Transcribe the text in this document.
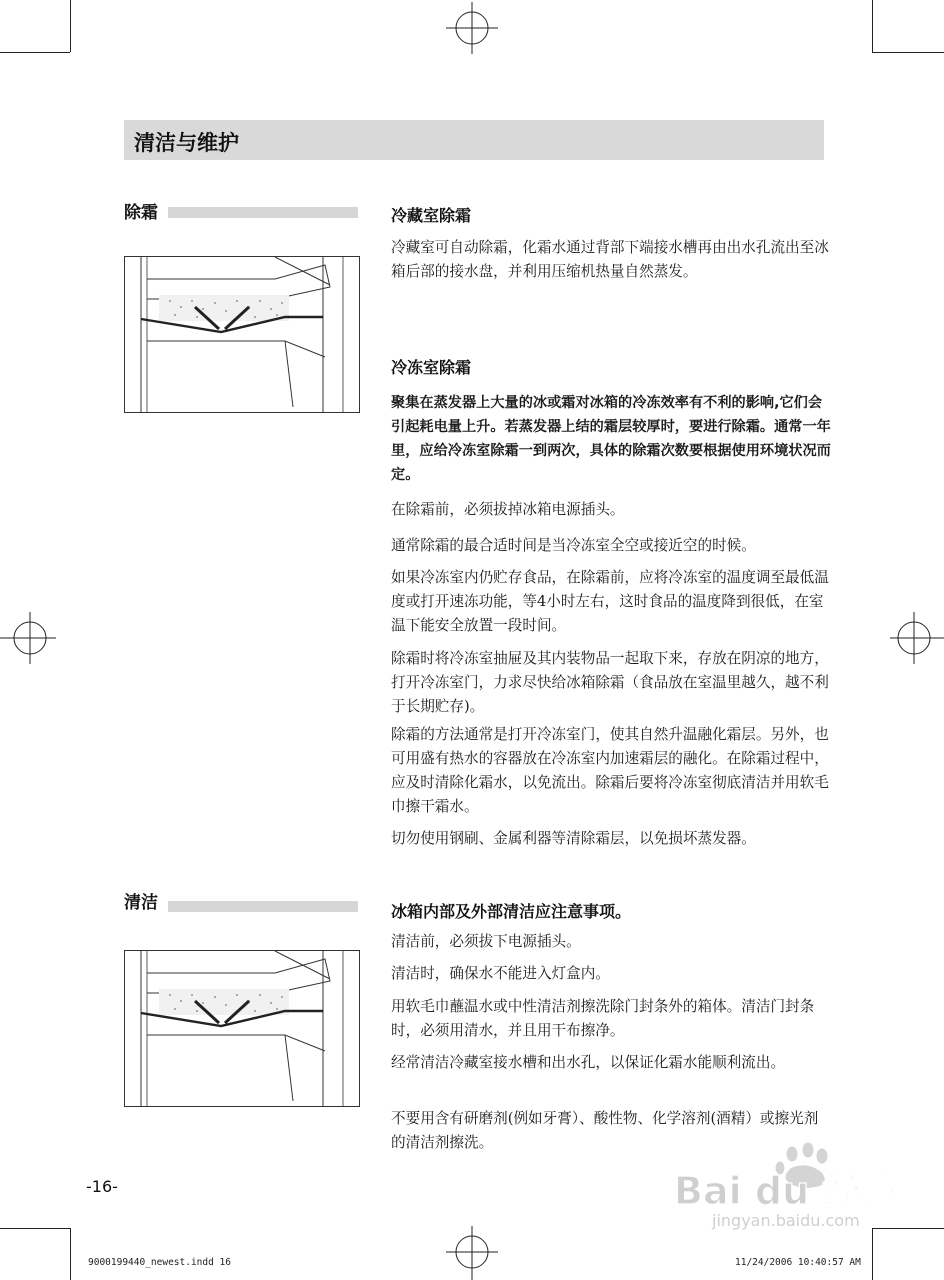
清洁与维护
除霜	冷藏室除霜
冷藏室可自动除霜，化霜水通过背部下端接水槽再由出水孔流出至冰箱后部的接水盘，并利用压缩机热量自然蒸发。
冷冻室除霜
聚集在蒸发器上大量的冰或霜对冰箱的冷冻效率有不利的影响,它们会引起耗电量上升。若蒸发器上结的霜层较厚时，要进行除霜。通常一年里，应给冷冻室除霜一到两次，具体的除霜次数要根据使用环境状况而定。
在除霜前，必须拔掉冰箱电源插头。
通常除霜的最合适时间是当冷冻室全空或接近空的时候。
如果冷冻室内仍贮存食品，在除霜前，应将冷冻室的温度调至最低温度或打开速冻功能，等4小时左右，这时食品的温度降到很低，在室温下能安全放置一段时间。
除霜时将冷冻室抽屉及其内装物品一起取下来，存放在阴凉的地方，打开冷冻室门，力求尽快给冰箱除霜（食品放在室温里越久，越不利于长期贮存)。
除霜的方法通常是打开冷冻室门，使其自然升温融化霜层。另外，也可用盛有热水的容器放在冷冻室内加速霜层的融化。在除霜过程中，应及时清除化霜水，以免流出。除霜后要将冷冻室彻底清洁并用软毛巾擦干霜水。
切勿使用钢刷、金属利器等清除霜层，以免损坏蒸发器。
清洁	冰箱内部及外部清洁应注意事项。
清洁前，必须拔下电源插头。
清洁时，确保水不能进入灯盒内。
用软毛巾蘸温水或中性清洁剂擦洗除门封条外的箱体。清洁门封条时，必须用清水，并且用干布擦净。
经常清洁冷藏室接水槽和出水孔，以保证化霜水能顺利流出。
不要用含有研磨剂(例如牙膏）、酸性物、化学溶剂(酒精）或擦光剂的清洁剂擦洗。
-16-
9000199440_newest.indd 16	11/24/2006 10:40:57 AM
Bai du 经验
jingyan.baidu.com
